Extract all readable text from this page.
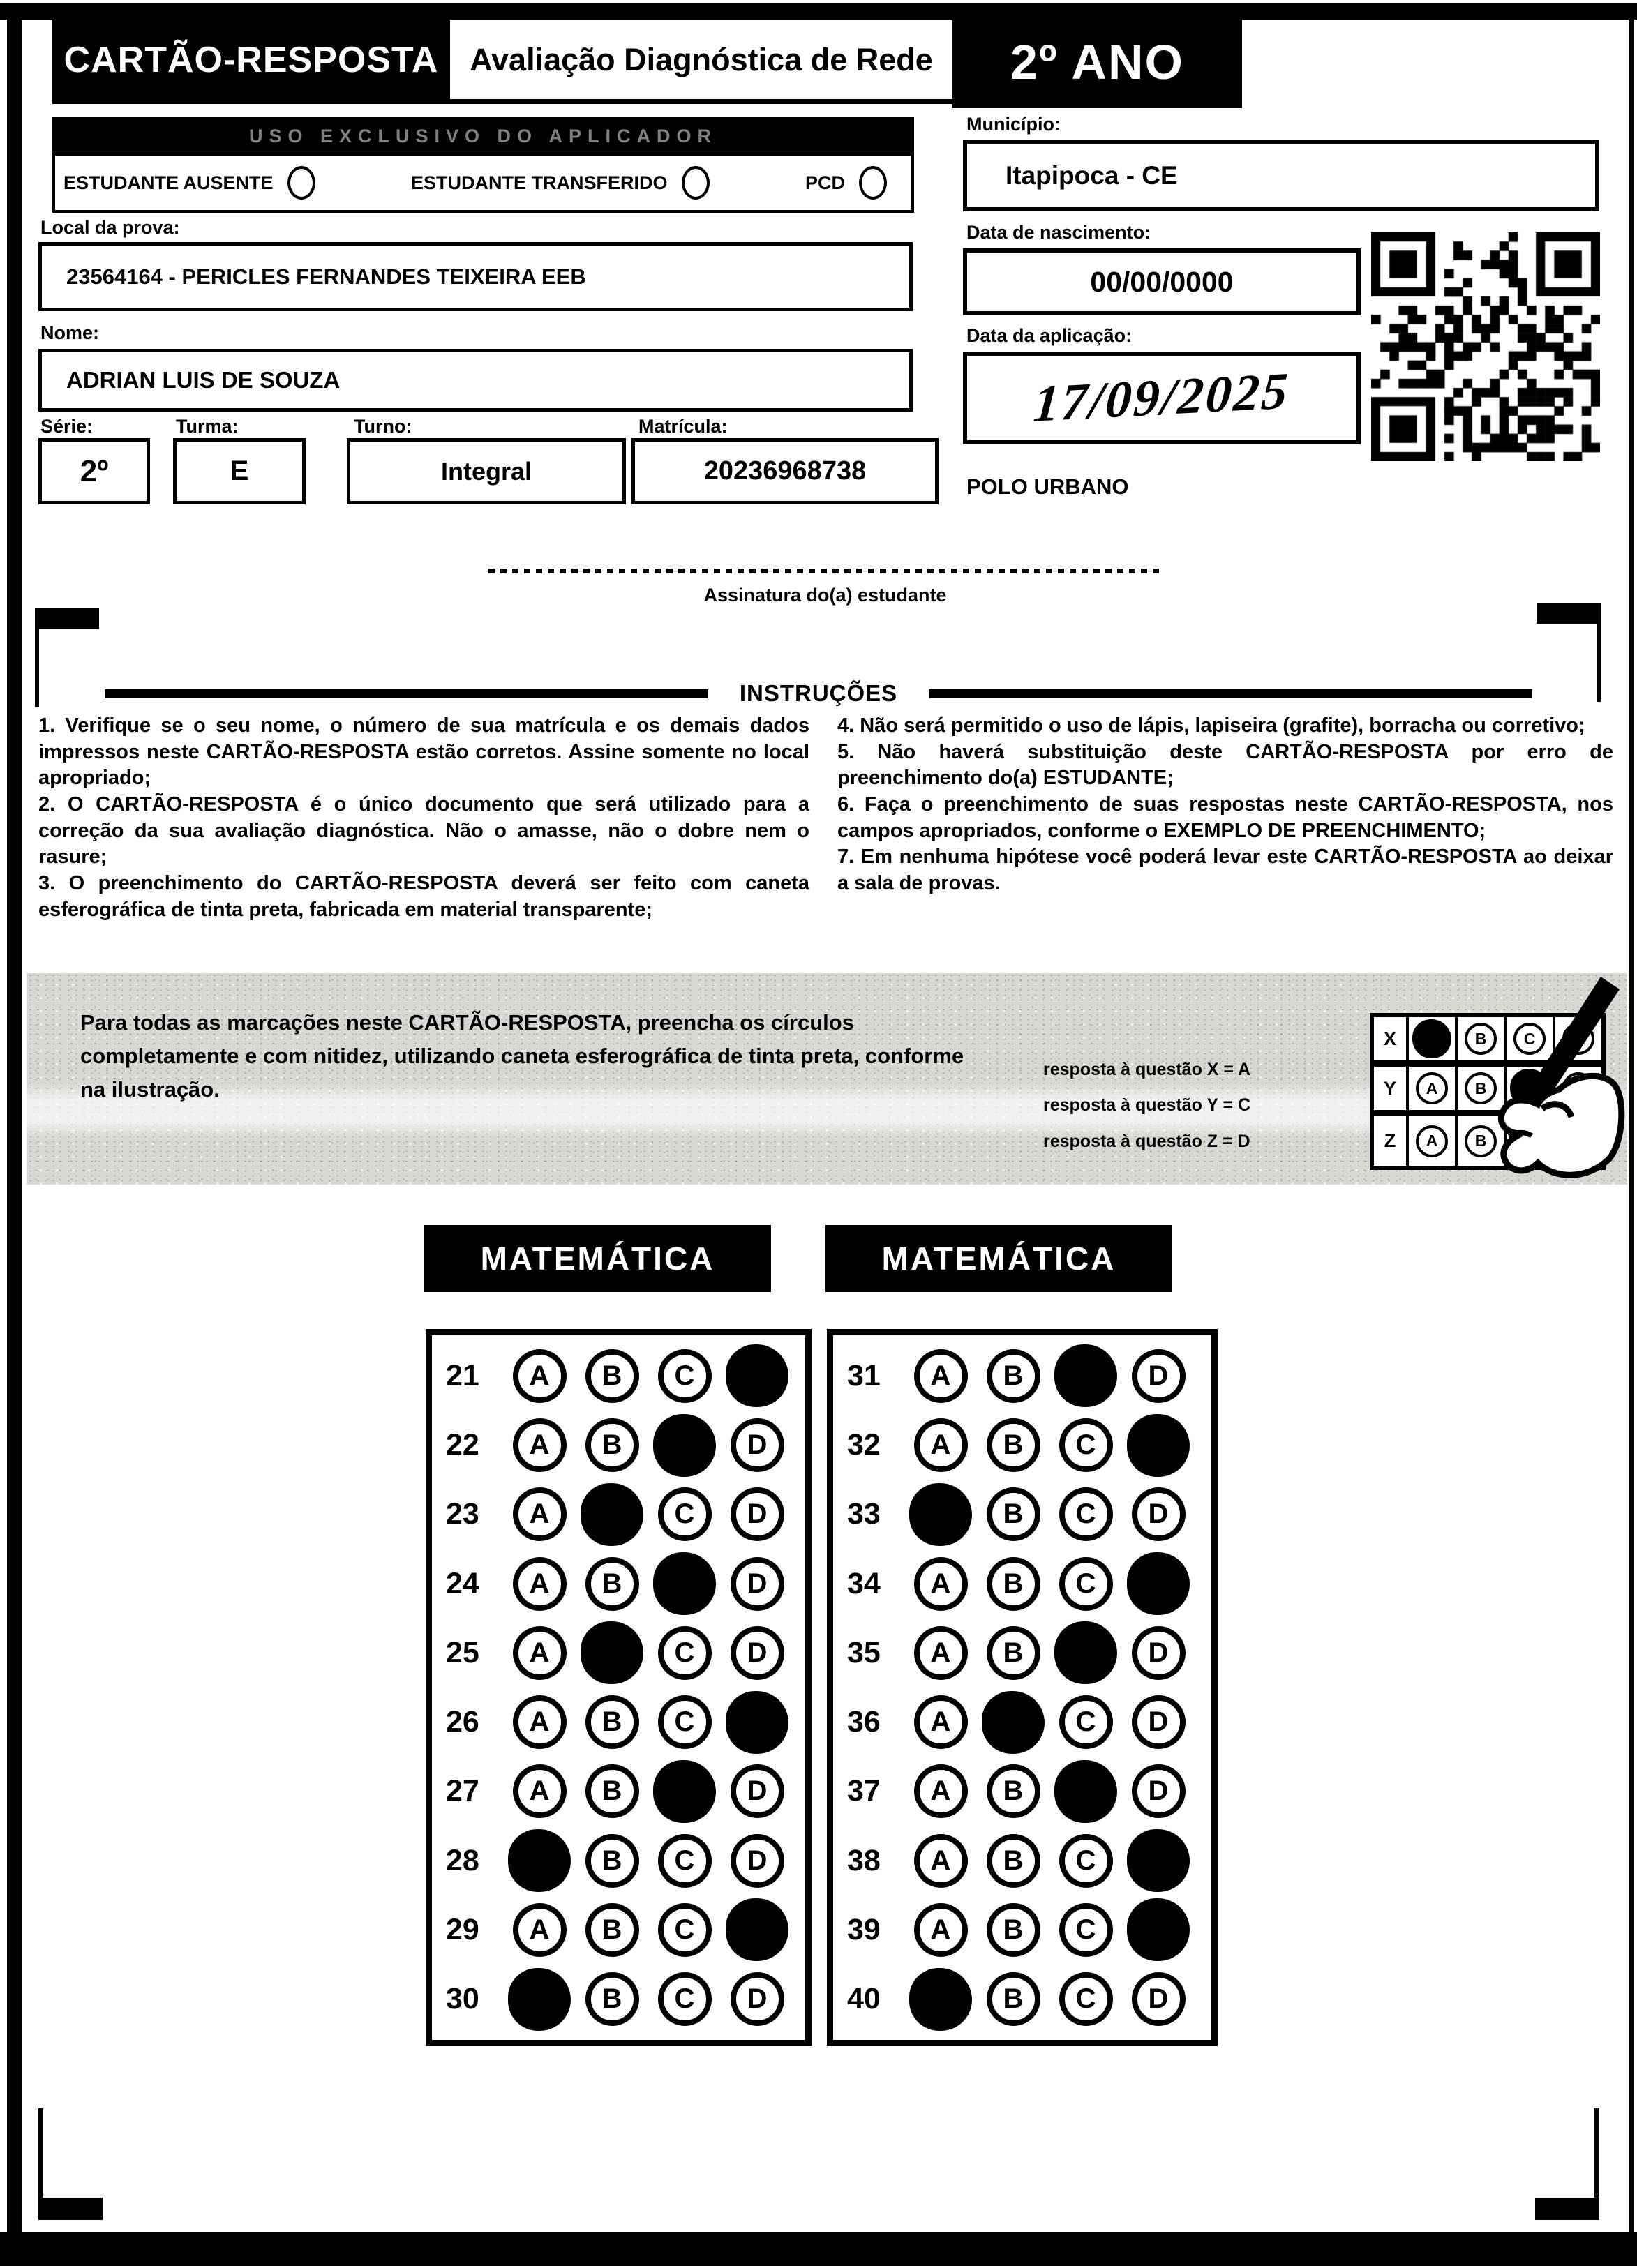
CARTÃO-RESPOSTA Avaliação Diagnóstica de Rede	2º ANO
USO EXCLUSIVO DO APLICADOR
ESTUDANTE AUSENTE	ESTUDANTE TRANSFERIDO	PCD
Local da prova:
23564164 - PERICLES FERNANDES TEIXEIRA EEB
Nome:
ADRIAN LUIS DE SOUZA
Série:	Turma:	Turno:	Matrícula:
2º	E	Integral	20236968738
Município:
Itapipoca - CE
Data de nascimento:
00/00/0000
Data da aplicação:
17/09/2025
POLO URBANO
Assinatura do(a) estudante
INSTRUÇÕES

1. Verifique se o seu nome, o número de sua matrícula e os demais dados impressos neste CARTÃO-RESPOSTA estão corretos. Assine somente no local apropriado;

2. O CARTÃO-RESPOSTA é o único documento que será utilizado para a correção da sua avaliação diagnóstica. Não o amasse, não o dobre nem o rasure;

3. O preenchimento do CARTÃO-RESPOSTA deverá ser feito com caneta esferográfica de tinta preta, fabricada em material transparente;

4. Não será permitido o uso de lápis, lapiseira (grafite), borracha ou corretivo;

5. Não haverá substituição deste CARTÃO-RESPOSTA por erro de preenchimento do(a) ESTUDANTE;

6. Faça o preenchimento de suas respostas neste CARTÃO-RESPOSTA, nos campos apropriados, conforme o EXEMPLO DE PREENCHIMENTO;

7. Em nenhuma hipótese você poderá levar este CARTÃO-RESPOSTA ao deixar a sala de provas.

Para todas as marcações neste CARTÃO-RESPOSTA, preencha os círculos completamente e com nitidez, utilizando caneta esferográfica de tinta preta, conforme na ilustração.

resposta à questão X = A

resposta à questão Y = C

resposta à questão Z = D

X	B	C
Y	A	B
Z	A	B
MATEMÁTICA	MATEMÁTICA
21	A	B	C
22	A	B	D
23	A	C	D
24	A	B	D
25	A	C	D
26	A	B	C
27	A	B	D
28	B	C	D
29	A	B	C
30	B	C	D
31	A	B	D
32	A	B	C
33	B	C	D
34	A	B	C
35	A	B	D
36	A	C	D
37	A	B	D
38	A	B	C
39	A	B	C
40	B	C	D
